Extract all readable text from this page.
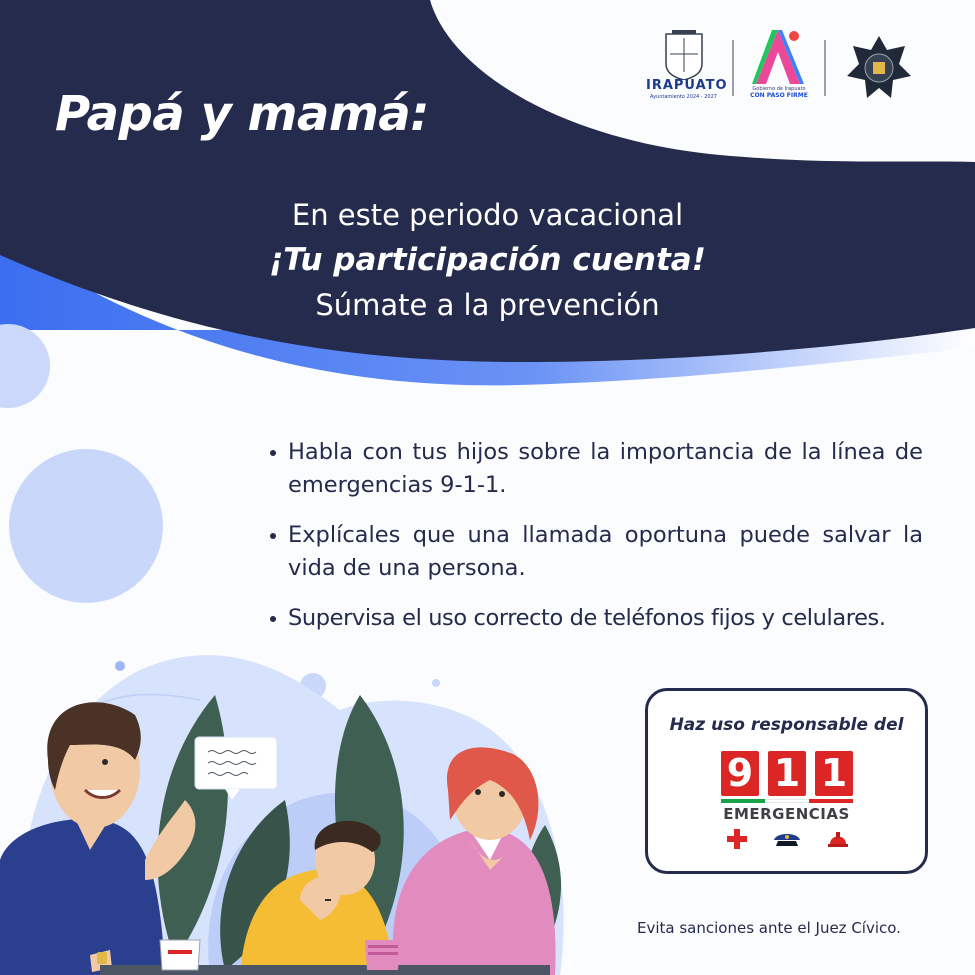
IRAPUATO
Ayuntamiento 2024 - 2027
Gobierno de Irapuato
CON PASO FIRME
Papá y mamá:
En este periodo vacacional
¡Tu participación cuenta!
Súmate a la prevención
Habla con tus hijos sobre la importancia de la línea de emergencias 9-1-1.
Explícales que una llamada oportuna puede salvar la vida de una persona.
Supervisa el uso correcto de teléfonos fijos y celulares.
Haz uso responsable del
9 1 1
EMERGENCIAS
Evita sanciones ante el Juez Cívico.
